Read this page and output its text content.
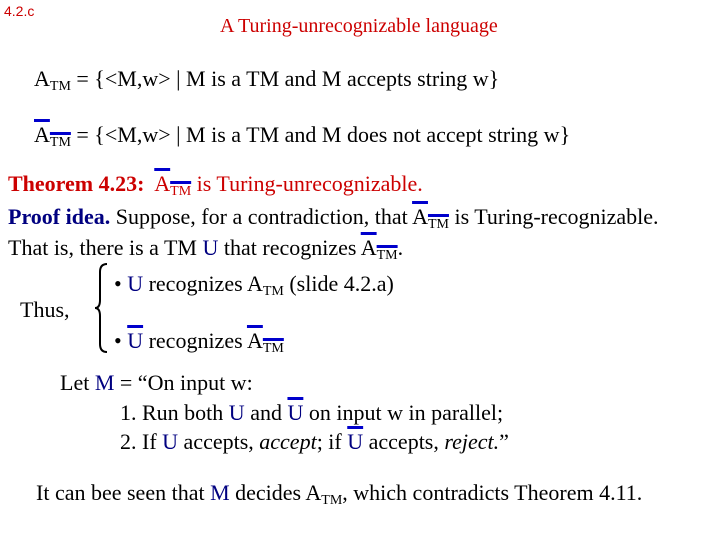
4.2.c
A Turing-unrecognizable language
ATM = {<M,w> | M is a TM and M accepts string w}
ATM = {<M,w> | M is a TM and M does not accept string w}
Theorem 4.23: ATM is Turing-unrecognizable.
Proof idea. Suppose, for a contradiction, that ATM is Turing-recognizable.
That is, there is a TM U that recognizes ATM.
Thus,
• U recognizes ATM (slide 4.2.a)
• $\overline{U}$ recognizes ATM
Let M = “On input w:
1. Run both U and $\overline{U}$ on input w in parallel;
2. If U accepts, accept; if $\overline{U}$ accepts, reject.”
It can bee seen that M decides ATM, which contradicts Theorem 4.11.
